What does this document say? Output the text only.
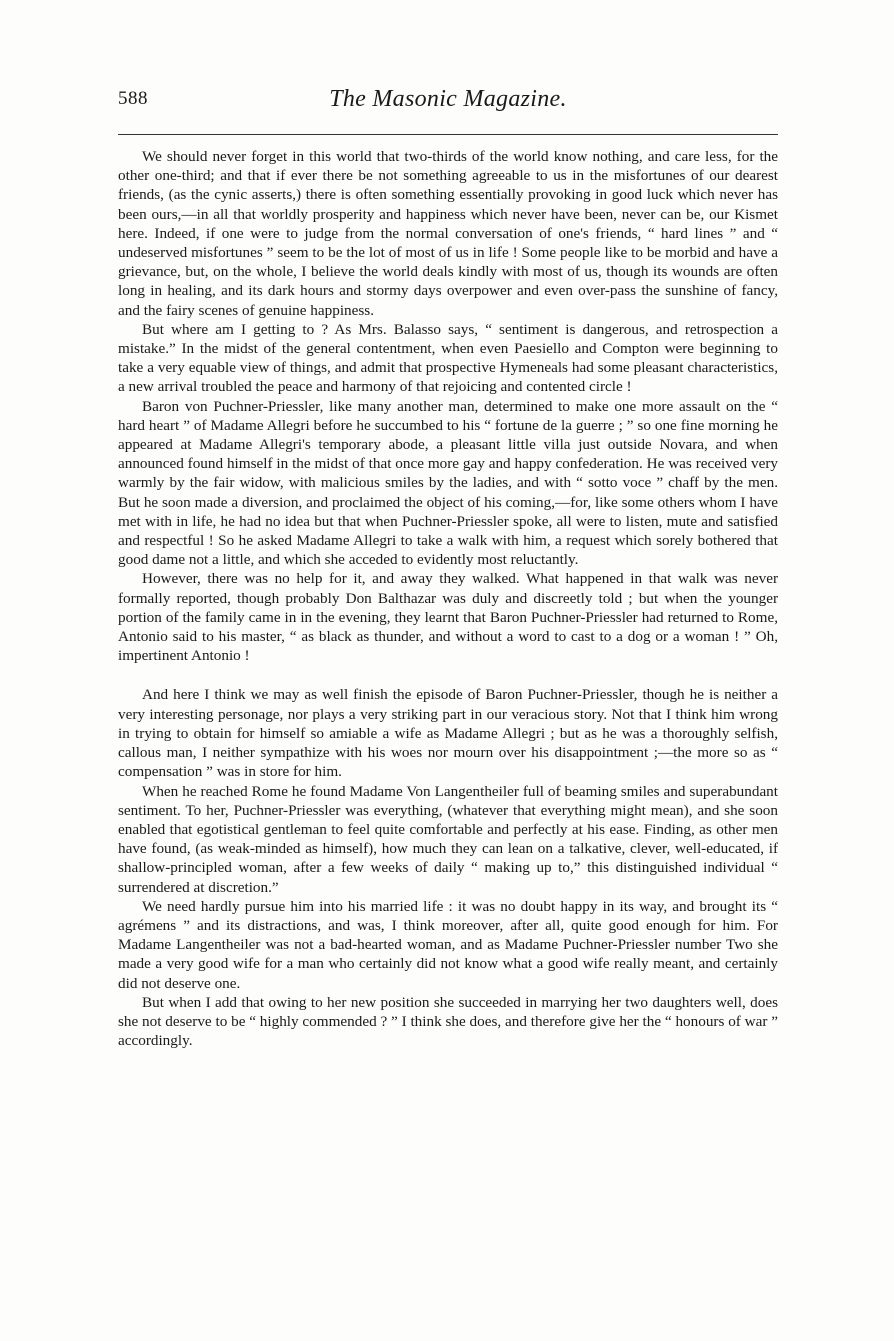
588	The Masonic Magazine.

We should never forget in this world that two-thirds of the world know nothing, and care less, for the other one-third; and that if ever there be not something agreeable to us in the misfortunes of our dearest friends, (as the cynic asserts,) there is often something essentially provoking in good luck which never has been ours,—in all that worldly prosperity and happiness which never have been, never can be, our Kismet here. Indeed, if one were to judge from the normal conversation of one's friends, “ hard lines ” and “ undeserved misfortunes ” seem to be the lot of most of us in life ! Some people like to be morbid and have a grievance, but, on the whole, I believe the world deals kindly with most of us, though its wounds are often long in healing, and its dark hours and stormy days overpower and even over-pass the sunshine of fancy, and the fairy scenes of genuine happiness.

But where am I getting to ? As Mrs. Balasso says, “ sentiment is dangerous, and retrospection a mistake.” In the midst of the general contentment, when even Paesiello and Compton were beginning to take a very equable view of things, and admit that prospective Hymeneals had some pleasant characteristics, a new arrival troubled the peace and harmony of that rejoicing and contented circle !

Baron von Puchner-Priessler, like many another man, determined to make one more assault on the “ hard heart ” of Madame Allegri before he succumbed to his “ fortune de la guerre ; ” so one fine morning he appeared at Madame Allegri's temporary abode, a pleasant little villa just outside Novara, and when announced found himself in the midst of that once more gay and happy confederation. He was received very warmly by the fair widow, with malicious smiles by the ladies, and with “ sotto voce ” chaff by the men. But he soon made a diversion, and proclaimed the object of his coming,—for, like some others whom I have met with in life, he had no idea but that when Puchner-Priessler spoke, all were to listen, mute and satisfied and respectful ! So he asked Madame Allegri to take a walk with him, a request which sorely bothered that good dame not a little, and which she acceded to evidently most reluctantly.

However, there was no help for it, and away they walked. What happened in that walk was never formally reported, though probably Don Balthazar was duly and discreetly told ; but when the younger portion of the family came in in the evening, they learnt that Baron Puchner-Priessler had returned to Rome, Antonio said to his master, “ as black as thunder, and without a word to cast to a dog or a woman ! ” Oh, impertinent Antonio !

And here I think we may as well finish the episode of Baron Puchner-Priessler, though he is neither a very interesting personage, nor plays a very striking part in our veracious story. Not that I think him wrong in trying to obtain for himself so amiable a wife as Madame Allegri ; but as he was a thoroughly selfish, callous man, I neither sympathize with his woes nor mourn over his disappointment ;—the more so as “ compensation ” was in store for him.

When he reached Rome he found Madame Von Langentheiler full of beaming smiles and superabundant sentiment. To her, Puchner-Priessler was everything, (whatever that everything might mean), and she soon enabled that egotistical gentleman to feel quite comfortable and perfectly at his ease. Finding, as other men have found, (as weak-minded as himself), how much they can lean on a talkative, clever, well-educated, if shallow-principled woman, after a few weeks of daily “ making up to,” this distinguished individual “ surrendered at discretion.”

We need hardly pursue him into his married life : it was no doubt happy in its way, and brought its “ agrémens ” and its distractions, and was, I think moreover, after all, quite good enough for him. For Madame Langentheiler was not a bad-hearted woman, and as Madame Puchner-Priessler number Two she made a very good wife for a man who certainly did not know what a good wife really meant, and certainly did not deserve one.

But when I add that owing to her new position she succeeded in marrying her two daughters well, does she not deserve to be “ highly commended ? ” I think she does, and therefore give her the “ honours of war ” accordingly.
